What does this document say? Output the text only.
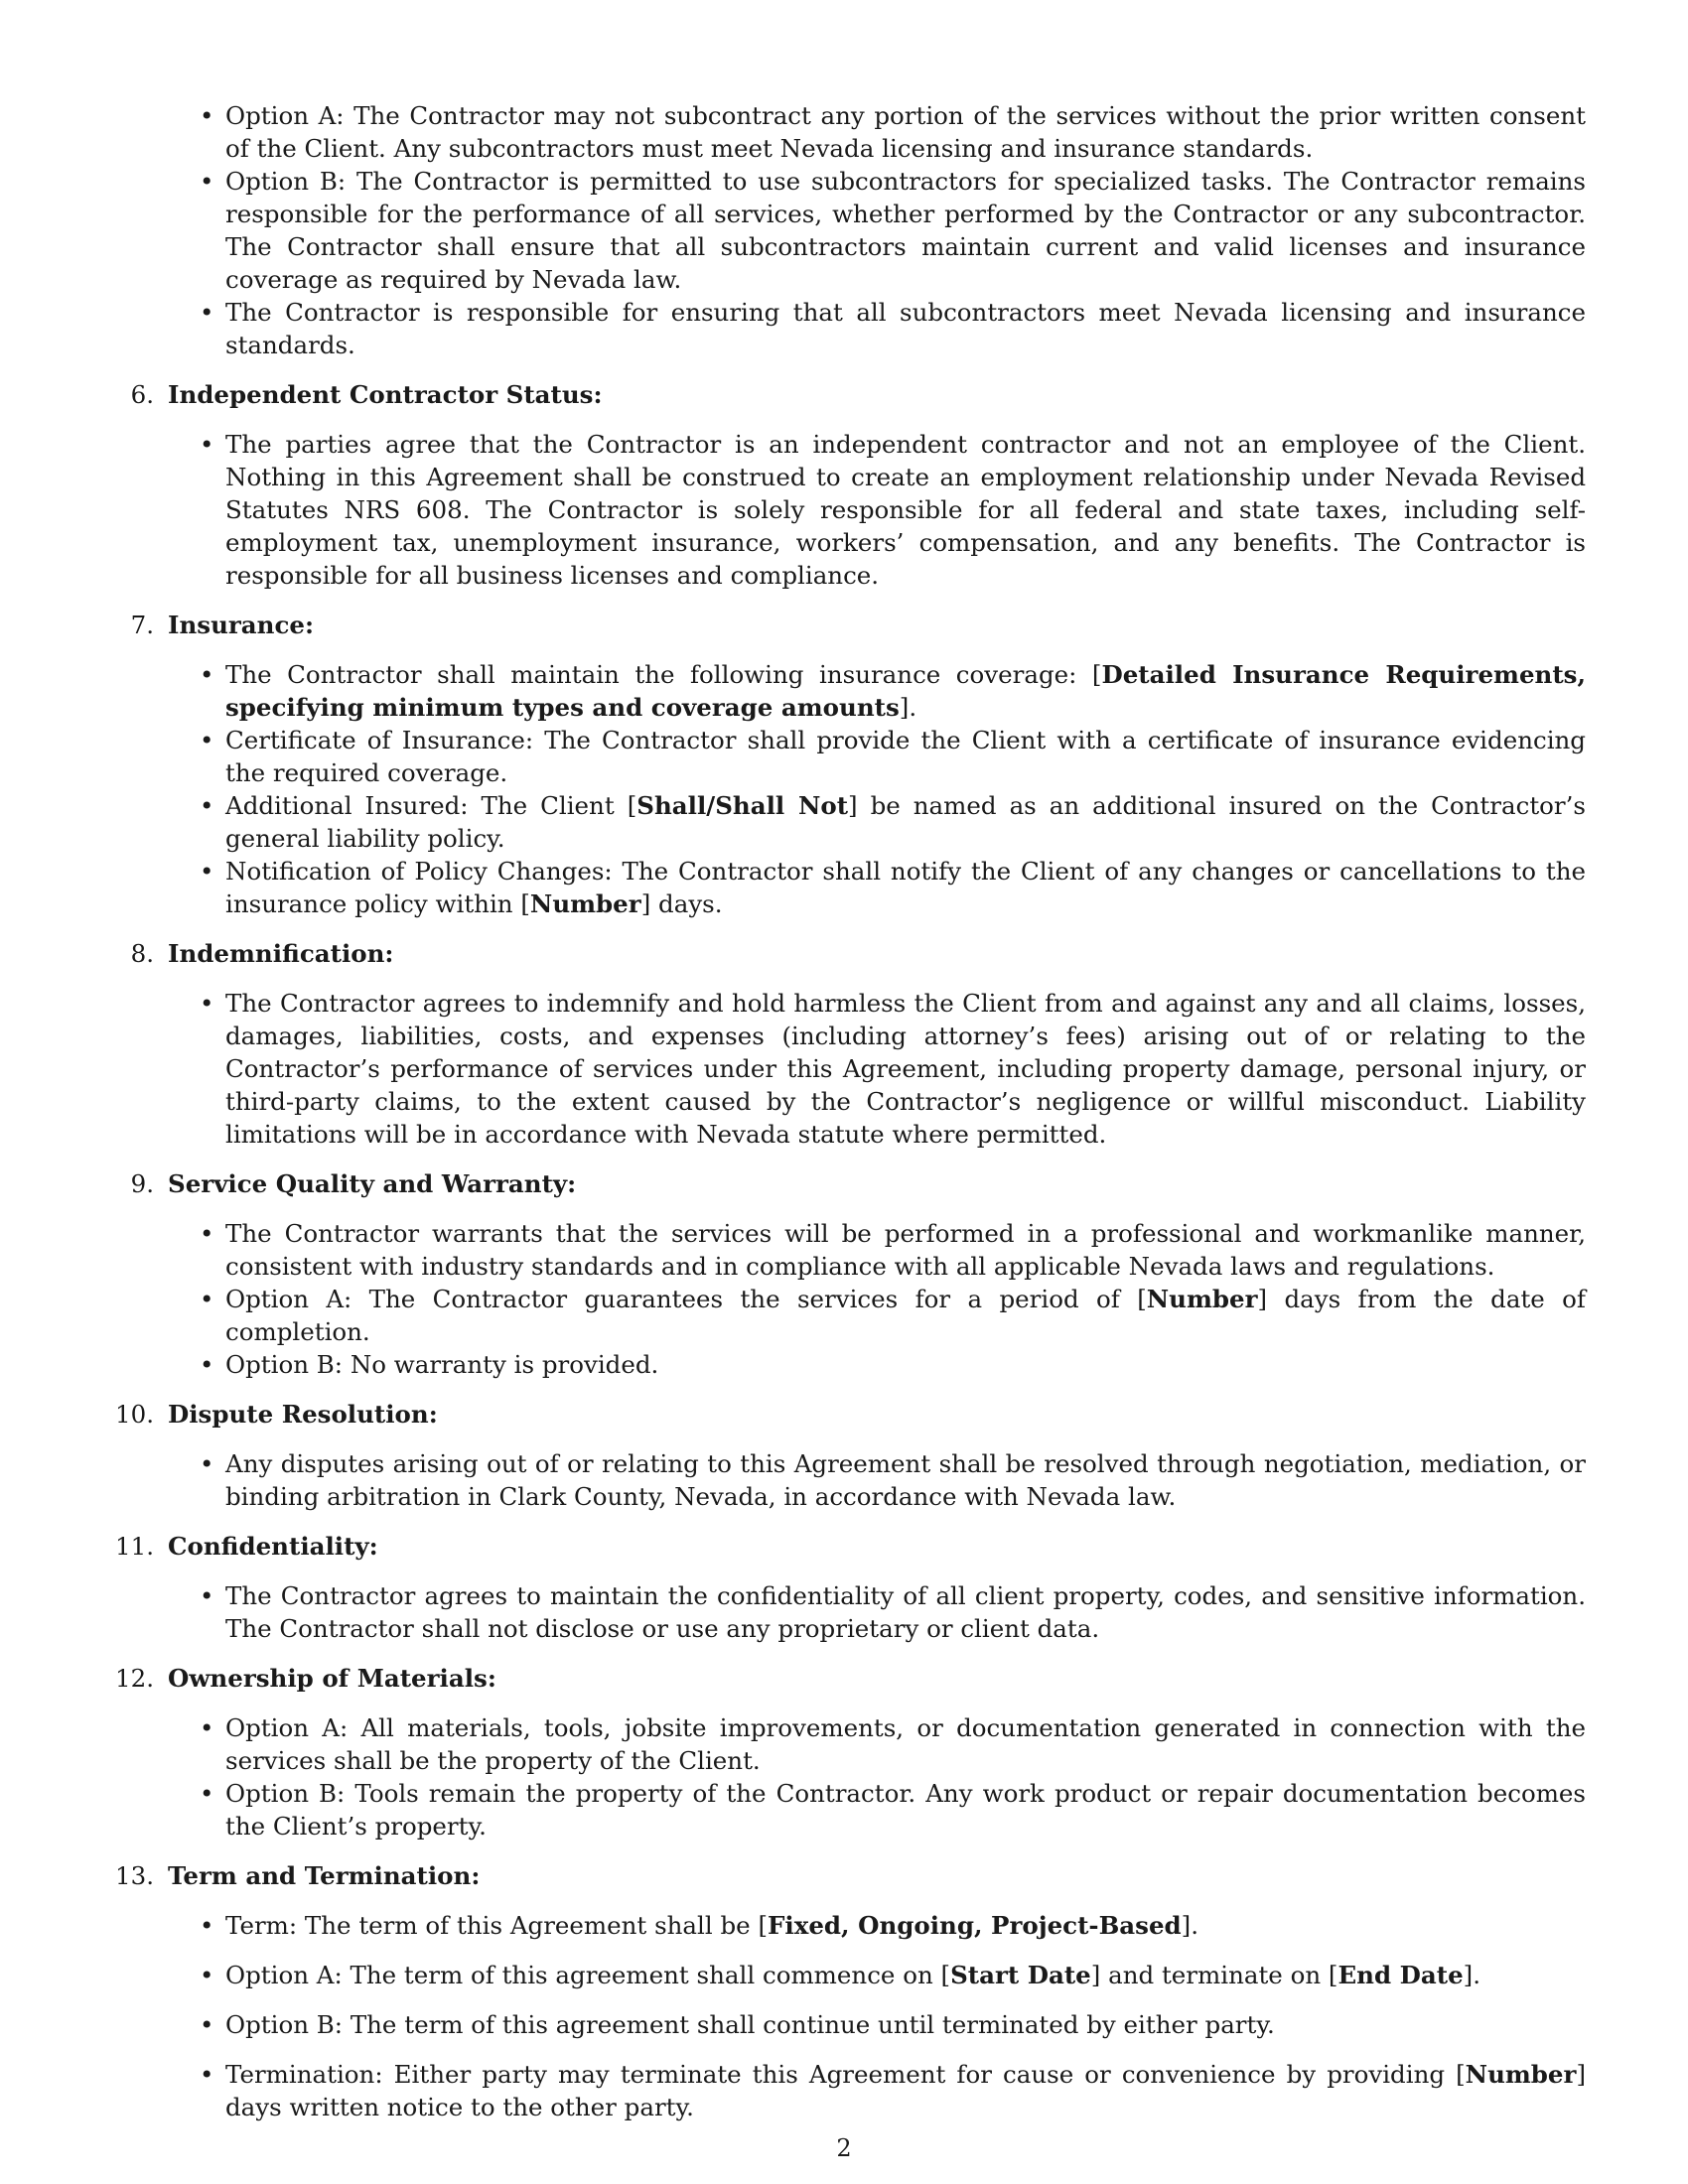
• Option A: The Contractor may not subcontract any portion of the services without the prior written consent of the Client. Any subcontractors must meet Nevada licensing and insurance standards.
• Option B: The Contractor is permitted to use subcontractors for specialized tasks. The Contractor remains responsible for the performance of all services, whether performed by the Contractor or any subcontractor. The Contractor shall ensure that all subcontractors maintain current and valid licenses and insurance coverage as required by Nevada law.
• The Contractor is responsible for ensuring that all subcontractors meet Nevada licensing and insurance standards.
6. Independent Contractor Status:
• The parties agree that the Contractor is an independent contractor and not an employee of the Client. Nothing in this Agreement shall be construed to create an employment relationship under Nevada Revised Statutes NRS 608. The Contractor is solely responsible for all federal and state taxes, including self-employment tax, unemployment insurance, workers’ compensation, and any benefits. The Contractor is responsible for all business licenses and compliance.
7. Insurance:
• The Contractor shall maintain the following insurance coverage: [Detailed Insurance Requirements, specifying minimum types and coverage amounts].
• Certificate of Insurance: The Contractor shall provide the Client with a certificate of insurance evidencing the required coverage.
• Additional Insured: The Client [Shall/Shall Not] be named as an additional insured on the Contractor’s general liability policy.
• Notification of Policy Changes: The Contractor shall notify the Client of any changes or cancellations to the insurance policy within [Number] days.
8. Indemnification:
• The Contractor agrees to indemnify and hold harmless the Client from and against any and all claims, losses, damages, liabilities, costs, and expenses (including attorney’s fees) arising out of or relating to the Contractor’s performance of services under this Agreement, including property damage, personal injury, or third-party claims, to the extent caused by the Contractor’s negligence or willful misconduct. Liability limitations will be in accordance with Nevada statute where permitted.
9. Service Quality and Warranty:
• The Contractor warrants that the services will be performed in a professional and workmanlike manner, consistent with industry standards and in compliance with all applicable Nevada laws and regulations.
• Option A: The Contractor guarantees the services for a period of [Number] days from the date of completion.
• Option B: No warranty is provided.
10. Dispute Resolution:
• Any disputes arising out of or relating to this Agreement shall be resolved through negotiation, mediation, or binding arbitration in Clark County, Nevada, in accordance with Nevada law.
11. Confidentiality:
• The Contractor agrees to maintain the confidentiality of all client property, codes, and sensitive information. The Contractor shall not disclose or use any proprietary or client data.
12. Ownership of Materials:
• Option A: All materials, tools, jobsite improvements, or documentation generated in connection with the services shall be the property of the Client.
• Option B: Tools remain the property of the Contractor. Any work product or repair documentation becomes the Client’s property.
13. Term and Termination:
• Term: The term of this Agreement shall be [Fixed, Ongoing, Project-Based].
• Option A: The term of this agreement shall commence on [Start Date] and terminate on [End Date].
• Option B: The term of this agreement shall continue until terminated by either party.
• Termination: Either party may terminate this Agreement for cause or convenience by providing [Number] days written notice to the other party.
2
